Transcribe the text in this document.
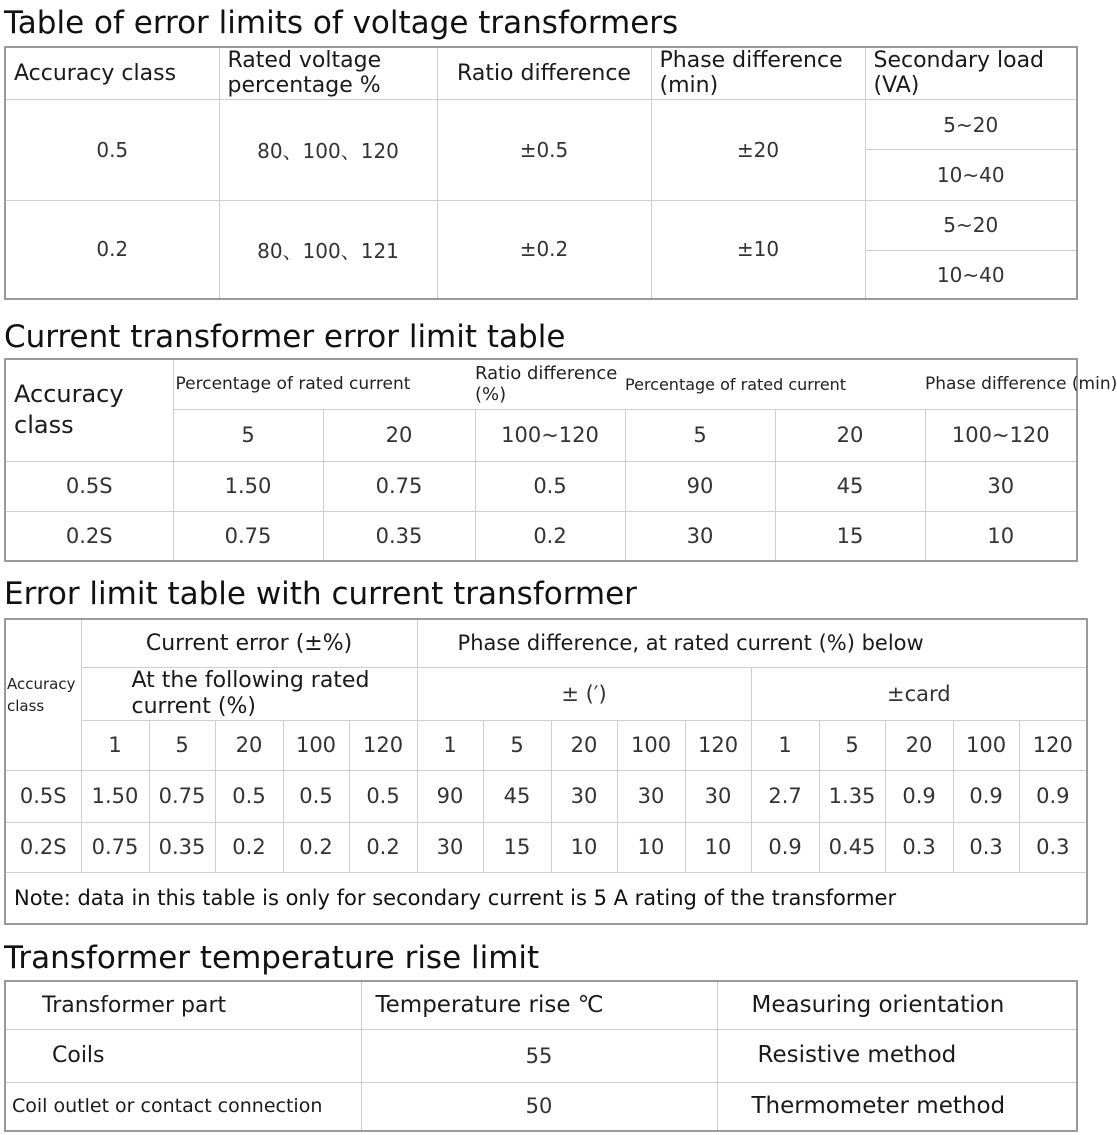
Table of error limits of voltage transformers
Accuracy class	Rated voltage percentage %	Ratio difference	Phase difference (min)	Secondary load (VA)
0.5	80、100、120	±0.5	±20	5~20
				10~40
0.2	80、100、121	±0.2	±10	5~20
				10~40
Current transformer error limit table
Accuracy class	Percentage of rated current		Ratio difference (%)	Percentage of rated current		Phase difference (min)
	5	20	100~120	5	20	100~120
0.5S	1.50	0.75	0.5	90	45	30
0.2S	0.75	0.35	0.2	30	15	10
Error limit table with current transformer
Accuracy class	Current error (±%)					Phase difference, at rated current (%) below									
	At the following rated current (%)					± (′)					±card				
	1	5	20	100	120	1	5	20	100	120	1	5	20	100	120
0.5S	1.50	0.75	0.5	0.5	0.5	90	45	30	30	30	2.7	1.35	0.9	0.9	0.9
0.2S	0.75	0.35	0.2	0.2	0.2	30	15	10	10	10	0.9	0.45	0.3	0.3	0.3
Note: data in this table is only for secondary current is 5 A rating of the transformer															
Transformer temperature rise limit
Transformer part	Temperature rise ℃	Measuring orientation
Coils	55	Resistive method
Coil outlet or contact connection	50	Thermometer method
